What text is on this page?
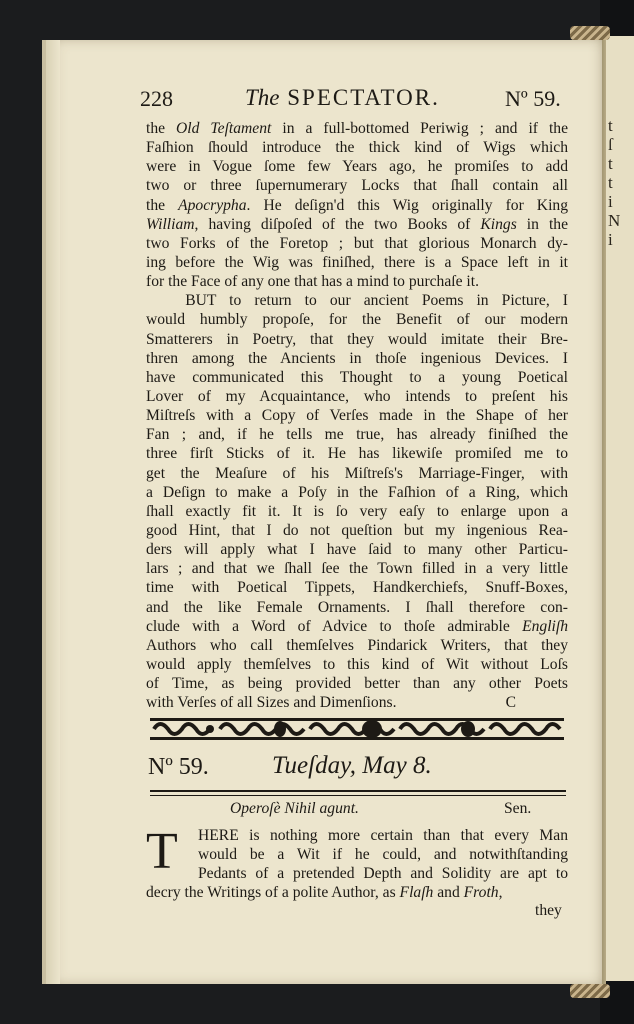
t
ſ
t
t
i
N
i
228	The SPECTATOR.	Nº 59.
the Old Teſtament in a full-bottomed Periwig ; and if the
Faſhion ſhould introduce the thick kind of Wigs which
were in Vogue ſome few Years ago, he promiſes to add
two or three ſupernumerary Locks that ſhall contain all
the Apocrypha. He deſign'd this Wig originally for King
William, having diſpoſed of the two Books of Kings in the
two Forks of the Foretop ; but that glorious Monarch dy-
ing before the Wig was finiſhed, there is a Space left in it
for the Face of any one that has a mind to purchaſe it.
BUT to return to our ancient Poems in Picture, I
would humbly propoſe, for the Benefit of our modern
Smatterers in Poetry, that they would imitate their Bre-
thren among the Ancients in thoſe ingenious Devices. I
have communicated this Thought to a young Poetical
Lover of my Acquaintance, who intends to preſent his
Miſtreſs with a Copy of Verſes made in the Shape of her
Fan ; and, if he tells me true, has already finiſhed the
three firſt Sticks of it. He has likewiſe promiſed me to
get the Meaſure of his Miſtreſs's Marriage-Finger, with
a Deſign to make a Poſy in the Faſhion of a Ring, which
ſhall exactly fit it. It is ſo very eaſy to enlarge upon a
good Hint, that I do not queſtion but my ingenious Rea-
ders will apply what I have ſaid to many other Particu-
lars ; and that we ſhall ſee the Town filled in a very little
time with Poetical Tippets, Handkerchiefs, Snuff-Boxes,
and the like Female Ornaments. I ſhall therefore con-
clude with a Word of Advice to thoſe admirable Engliſh
Authors who call themſelves Pindarick Writers, that they
would apply themſelves to this kind of Wit without Loſs
of Time, as being provided better than any other Poets
with Verſes of all Sizes and Dimenſions.                            C
Nº 59.	Tueſday, May 8.
Operoſè Nihil agunt.	Sen.
T HERE is nothing more certain than that every Man
would be a Wit if he could, and notwithſtanding
Pedants of a pretended Depth and Solidity are apt to
decry the Writings of a polite Author, as Flaſh and Froth,
they
